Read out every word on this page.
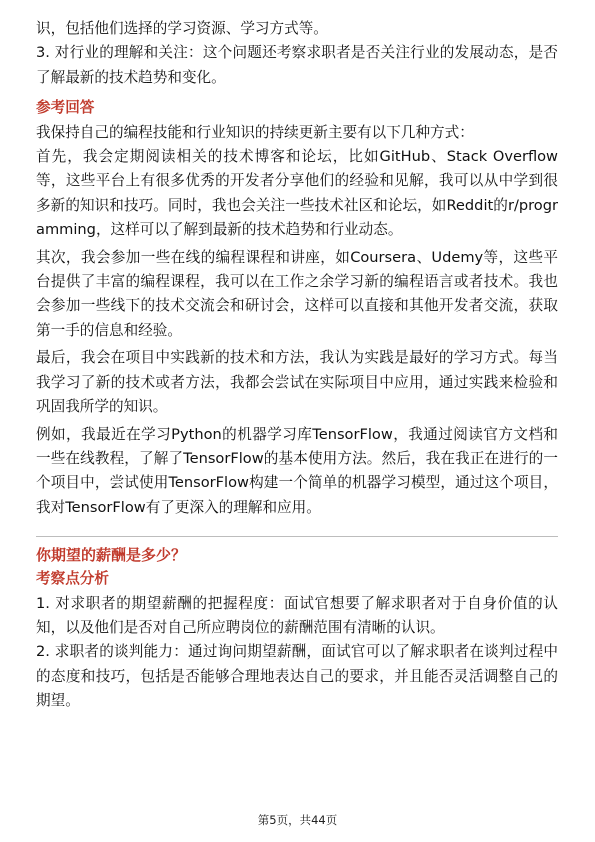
识，包括他们选择的学习资源、学习方式等。

3. 对行业的理解和关注：这个问题还考察求职者是否关注行业的发展动态，是否了解最新的技术趋势和变化。

参考回答

我保持自己的编程技能和行业知识的持续更新主要有以下几种方式：

首先，我会定期阅读相关的技术博客和论坛，比如GitHub、Stack Overflow等，这些平台上有很多优秀的开发者分享他们的经验和见解，我可以从中学到很多新的知识和技巧。同时，我也会关注一些技术社区和论坛，如Reddit的r/programming，这样可以了解到最新的技术趋势和行业动态。

其次，我会参加一些在线的编程课程和讲座，如Coursera、Udemy等，这些平台提供了丰富的编程课程，我可以在工作之余学习新的编程语言或者技术。我也会参加一些线下的技术交流会和研讨会，这样可以直接和其他开发者交流，获取第一手的信息和经验。

最后，我会在项目中实践新的技术和方法，我认为实践是最好的学习方式。每当我学习了新的技术或者方法，我都会尝试在实际项目中应用，通过实践来检验和巩固我所学的知识。

例如，我最近在学习Python的机器学习库TensorFlow，我通过阅读官方文档和一些在线教程，了解了TensorFlow的基本使用方法。然后，我在我正在进行的一个项目中，尝试使用TensorFlow构建一个简单的机器学习模型，通过这个项目，我对TensorFlow有了更深入的理解和应用。

你期望的薪酬是多少？

考察点分析

1. 对求职者的期望薪酬的把握程度：面试官想要了解求职者对于自身价值的认知，以及他们是否对自己所应聘岗位的薪酬范围有清晰的认识。

2. 求职者的谈判能力：通过询问期望薪酬，面试官可以了解求职者在谈判过程中的态度和技巧，包括是否能够合理地表达自己的要求，并且能否灵活调整自己的期望。

第5页，共44页
